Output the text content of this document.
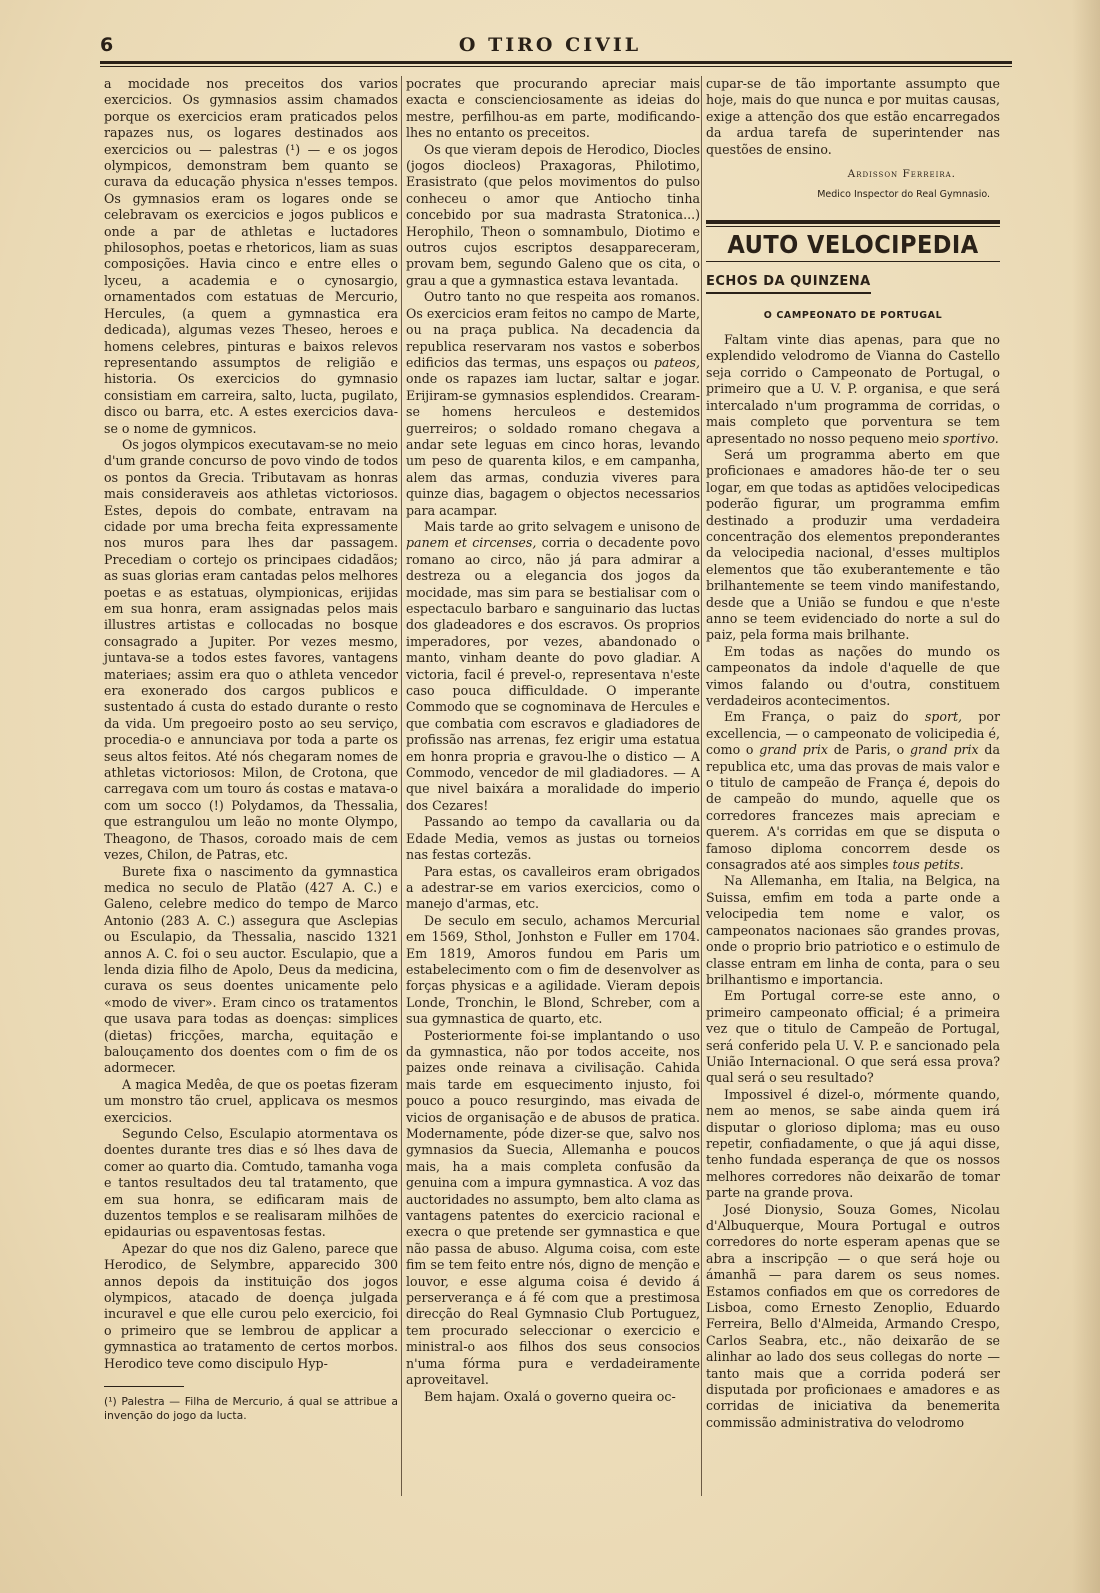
6	O TIRO CIVIL

a mocidade nos preceitos dos varios exercicios. Os gymnasios assim chamados porque os exercicios eram praticados pelos rapazes nus, os logares destinados aos exercicios ou — palestras (¹) — e os jogos olympicos, demonstram bem quanto se curava da educação physica n'esses tempos. Os gymnasios eram os logares onde se celebravam os exercicios e jogos publicos e onde a par de athletas e luctadores philosophos, poetas e rhetoricos, liam as suas composições. Havia cinco e entre elles o lyceu, a academia e o cynosargio, ornamentados com estatuas de Mercurio, Hercules, (a quem a gymnastica era dedicada), algumas vezes Theseo, heroes e homens celebres, pinturas e baixos relevos representando assumptos de religião e historia. Os exercicios do gymnasio consistiam em carreira, salto, lucta, pugilato, disco ou barra, etc. A estes exercicios dava-se o nome de gymnicos.

Os jogos olympicos executavam-se no meio d'um grande concurso de povo vindo de todos os pontos da Grecia. Tributavam as honras mais consideraveis aos athletas victoriosos. Estes, depois do combate, entravam na cidade por uma brecha feita expressamente nos muros para lhes dar passagem. Precediam o cortejo os principaes cidadãos; as suas glorias eram cantadas pelos melhores poetas e as estatuas, olympionicas, erijidas em sua honra, eram assignadas pelos mais illustres artistas e collocadas no bosque consagrado a Jupiter. Por vezes mesmo, juntava-se a todos estes favores, vantagens materiaes; assim era quo o athleta vencedor era exonerado dos cargos publicos e sustentado á custa do estado durante o resto da vida. Um pregoeiro posto ao seu serviço, procedia-o e annunciava por toda a parte os seus altos feitos. Até nós chegaram nomes de athletas victoriosos: Milon, de Crotona, que carregava com um touro ás costas e matava-o com um socco (!) Polydamos, da Thessalia, que estrangulou um leão no monte Olympo, Theagono, de Thasos, coroado mais de cem vezes, Chilon, de Patras, etc.

Burete fixa o nascimento da gymnastica medica no seculo de Platão (427 A. C.) e Galeno, celebre medico do tempo de Marco Antonio (283 A. C.) assegura que Asclepias ou Esculapio, da Thessalia, nascido 1321 annos A. C. foi o seu auctor. Esculapio, que a lenda dizia filho de Apolo, Deus da medicina, curava os seus doentes unicamente pelo «modo de viver». Eram cinco os tratamentos que usava para todas as doenças: simplices (dietas) fricções, marcha, equitação e balouçamento dos doentes com o fim de os adormecer.

A magica Medêa, de que os poetas fizeram um monstro tão cruel, applicava os mesmos exercicios.

Segundo Celso, Esculapio atormentava os doentes durante tres dias e só lhes dava de comer ao quarto dia. Comtudo, tamanha voga e tantos resultados deu tal tratamento, que em sua honra, se edificaram mais de duzentos templos e se realisaram milhões de epidaurias ou espaventosas festas.

Apezar do que nos diz Galeno, parece que Herodico, de Selymbre, apparecido 300 annos depois da instituição dos jogos olympicos, atacado de doença julgada incuravel e que elle curou pelo exercicio, foi o primeiro que se lembrou de applicar a gymnastica ao tratamento de certos morbos. Herodico teve como discipulo Hyp-

(¹) Palestra — Filha de Mercurio, á qual se attribue a invenção do jogo da lucta.

pocrates que procurando apreciar mais exacta e conscienciosamente as ideias do mestre, perfilhou-as em parte, modificando-lhes no entanto os preceitos.

Os que vieram depois de Herodico, Diocles (jogos diocleos) Praxagoras, Philotimo, Erasistrato (que pelos movimentos do pulso conheceu o amor que Antiocho tinha concebido por sua madrasta Stratonica...) Herophilo, Theon o somnambulo, Diotimo e outros cujos escriptos desappareceram, provam bem, segundo Galeno que os cita, o grau a que a gymnastica estava levantada.

Outro tanto no que respeita aos romanos. Os exercicios eram feitos no campo de Marte, ou na praça publica. Na decadencia da republica reservaram nos vastos e soberbos edificios das termas, uns espaços ou pateos, onde os rapazes iam luctar, saltar e jogar. Erijiram-se gymnasios esplendidos. Crearam-se homens herculeos e destemidos guerreiros; o soldado romano chegava a andar sete leguas em cinco horas, levando um peso de quarenta kilos, e em campanha, alem das armas, conduzia viveres para quinze dias, bagagem o objectos necessarios para acampar.

Mais tarde ao grito selvagem e unisono de panem et circenses, corria o decadente povo romano ao circo, não já para admirar a destreza ou a elegancia dos jogos da mocidade, mas sim para se bestialisar com o espectaculo barbaro e sanguinario das luctas dos gladeadores e dos escravos. Os proprios imperadores, por vezes, abandonado o manto, vinham deante do povo gladiar. A victoria, facil é prevel-o, representava n'este caso pouca difficuldade. O imperante Commodo que se cognominava de Hercules e que combatia com escravos e gladiadores de profissão nas arrenas, fez erigir uma estatua em honra propria e gravou-lhe o distico — A Commodo, vencedor de mil gladiadores. — A que nivel baixára a moralidade do imperio dos Cezares!

Passando ao tempo da cavallaria ou da Edade Media, vemos as justas ou torneios nas festas cortezãs.

Para estas, os cavalleiros eram obrigados a adestrar-se em varios exercicios, como o manejo d'armas, etc.

De seculo em seculo, achamos Mercurial em 1569, Sthol, Jonhston e Fuller em 1704. Em 1819, Amoros fundou em Paris um estabelecimento com o fim de desenvolver as forças physicas e a agilidade. Vieram depois Londe, Tronchin, le Blond, Schreber, com a sua gymnastica de quarto, etc.

Posteriormente foi-se implantando o uso da gymnastica, não por todos acceite, nos paizes onde reinava a civilisação. Cahida mais tarde em esquecimento injusto, foi pouco a pouco resurgindo, mas eivada de vicios de organisação e de abusos de pratica. Modernamente, póde dizer-se que, salvo nos gymnasios da Suecia, Allemanha e poucos mais, ha a mais completa confusão da genuina com a impura gymnastica. A voz das auctoridades no assumpto, bem alto clama as vantagens patentes do exercicio racional e execra o que pretende ser gymnastica e que não passa de abuso. Alguma coisa, com este fim se tem feito entre nós, digno de menção e louvor, e esse alguma coisa é devido á perserverança e á fé com que a prestimosa direcção do Real Gymnasio Club Portuguez, tem procurado seleccionar o exercicio e ministral-o aos filhos dos seus consocios n'uma fórma pura e verdadeiramente aproveitavel.

Bem hajam. Oxalá o governo queira oc-

cupar-se de tão importante assumpto que hoje, mais do que nunca e por muitas causas, exige a attenção dos que estão encarregados da ardua tarefa de superintender nas questões de ensino.

Ardisson Ferreira.
Medico Inspector do Real Gymnasio.
AUTO VELOCIPEDIA
ECHOS DA QUINZENA
O CAMPEONATO DE PORTUGAL

Faltam vinte dias apenas, para que no explendido velodromo de Vianna do Castello seja corrido o Campeonato de Portugal, o primeiro que a U. V. P. organisa, e que será intercalado n'um programma de corridas, o mais completo que porventura se tem apresentado no nosso pequeno meio sportivo.

Será um programma aberto em que proficionaes e amadores hão-de ter o seu logar, em que todas as aptidões velocipedicas poderão figurar, um programma emfim destinado a produzir uma verdadeira concentração dos elementos preponderantes da velocipedia nacional, d'esses multiplos elementos que tão exuberantemente e tão brilhantemente se teem vindo manifestando, desde que a União se fundou e que n'este anno se teem evidenciado do norte a sul do paiz, pela forma mais brilhante.

Em todas as nações do mundo os campeonatos da indole d'aquelle de que vimos falando ou d'outra, constituem verdadeiros acontecimentos.

Em França, o paiz do sport, por excellencia, — o campeonato de volicipedia é, como o grand prix de Paris, o grand prix da republica etc, uma das provas de mais valor e o titulo de campeão de França é, depois do de campeão do mundo, aquelle que os corredores francezes mais apreciam e querem. A's corridas em que se disputa o famoso diploma concorrem desde os consagrados até aos simples tous petits.

Na Allemanha, em Italia, na Belgica, na Suissa, emfim em toda a parte onde a velocipedia tem nome e valor, os campeonatos nacionaes são grandes provas, onde o proprio brio patriotico e o estimulo de classe entram em linha de conta, para o seu brilhantismo e importancia.

Em Portugal corre-se este anno, o primeiro campeonato official; é a primeira vez que o titulo de Campeão de Portugal, será conferido pela U. V. P. e sancionado pela União Internacional. O que será essa prova? qual será o seu resultado?

Impossivel é dizel-o, mórmente quando, nem ao menos, se sabe ainda quem irá disputar o glorioso diploma; mas eu ouso repetir, confiadamente, o que já aqui disse, tenho fundada esperança de que os nossos melhores corredores não deixarão de tomar parte na grande prova.

José Dionysio, Souza Gomes, Nicolau d'Albuquerque, Moura Portugal e outros corredores do norte esperam apenas que se abra a inscripção — o que será hoje ou ámanhã — para darem os seus nomes. Estamos confiados em que os corredores de Lisboa, como Ernesto Zenoplio, Eduardo Ferreira, Bello d'Almeida, Armando Crespo, Carlos Seabra, etc., não deixarão de se alinhar ao lado dos seus collegas do norte — tanto mais que a corrida poderá ser disputada por proficionaes e amadores e as corridas de iniciativa da benemerita commissão administrativa do velodromo
